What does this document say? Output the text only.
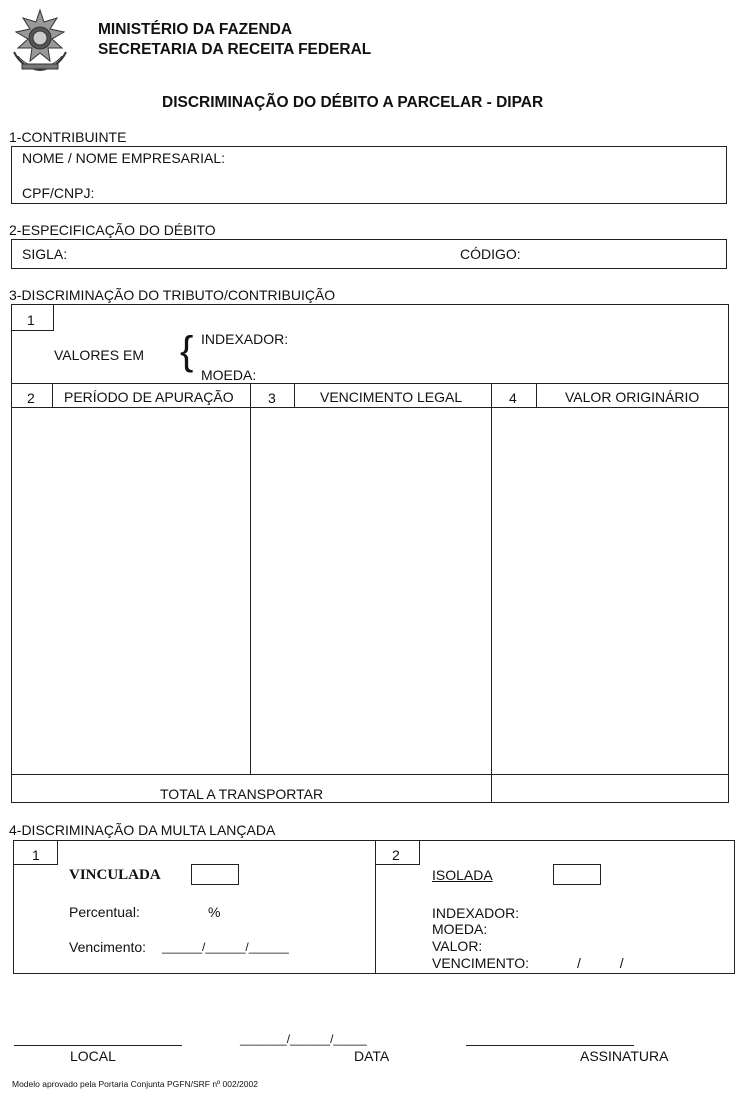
MINISTÉRIO DA FAZENDA
SECRETARIA DA RECEITA FEDERAL
DISCRIMINAÇÃO DO DÉBITO A PARCELAR - DIPAR
1-CONTRIBUINTE
NOME / NOME EMPRESARIAL:
CPF/CNPJ:
2-ESPECIFICAÇÃO DO DÉBITO
SIGLA:	CÓDIGO:
3-DISCRIMINAÇÃO DO TRIBUTO/CONTRIBUIÇÃO
1
VALORES EM { INDEXADOR:
MOEDA:
2 PERÍODO DE APURAÇÃO 3	VENCIMENTO LEGAL	4	VALOR ORIGINÁRIO
TOTAL A TRANSPORTAR
4-DISCRIMINAÇÃO DA MULTA LANÇADA
1
VINCULADA
Percentual:	%
Vencimento: ______/______/______
2
ISOLADA
INDEXADOR:
MOEDA:
VALOR:
VENCIMENTO:	/          /
LOCAL
_______/______/_____
DATA	ASSINATURA
Modelo aprovado pela Portaria Conjunta PGFN/SRF nº 002/2002
